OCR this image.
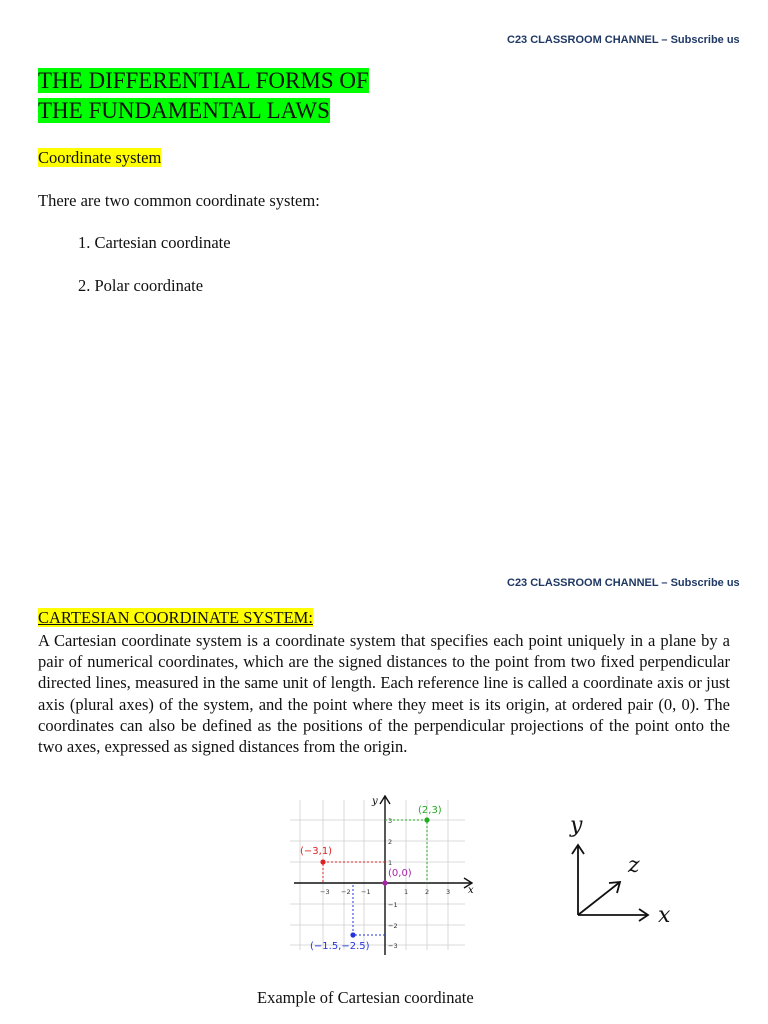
C23 CLASSROOM CHANNEL – Subscribe us
THE DIFFERENTIAL FORMS OF
THE FUNDAMENTAL LAWS
Coordinate system
There are two common coordinate system:
1. Cartesian coordinate
2. Polar coordinate
C23 CLASSROOM CHANNEL – Subscribe us
CARTESIAN COORDINATE SYSTEM:
A Cartesian coordinate system is a coordinate system that specifies each point uniquely in a plane by a pair of numerical coordinates, which are the signed distances to the point from two fixed perpendicular directed lines, measured in the same unit of length. Each reference line is called a coordinate axis or just axis (plural axes) of the system, and the point where they meet is its origin, at ordered pair (0, 0). The coordinates can also be defined as the positions of the perpendicular projections of the point onto the two axes, expressed as signed distances from the origin.
x
y
−3 −2 −1	1	2	3
3
2
1
−1
−2
−3
(2,3)
(−3,1)
(0,0)
(−1.5,−2.5)
y
z
x
Example of Cartesian coordinate
